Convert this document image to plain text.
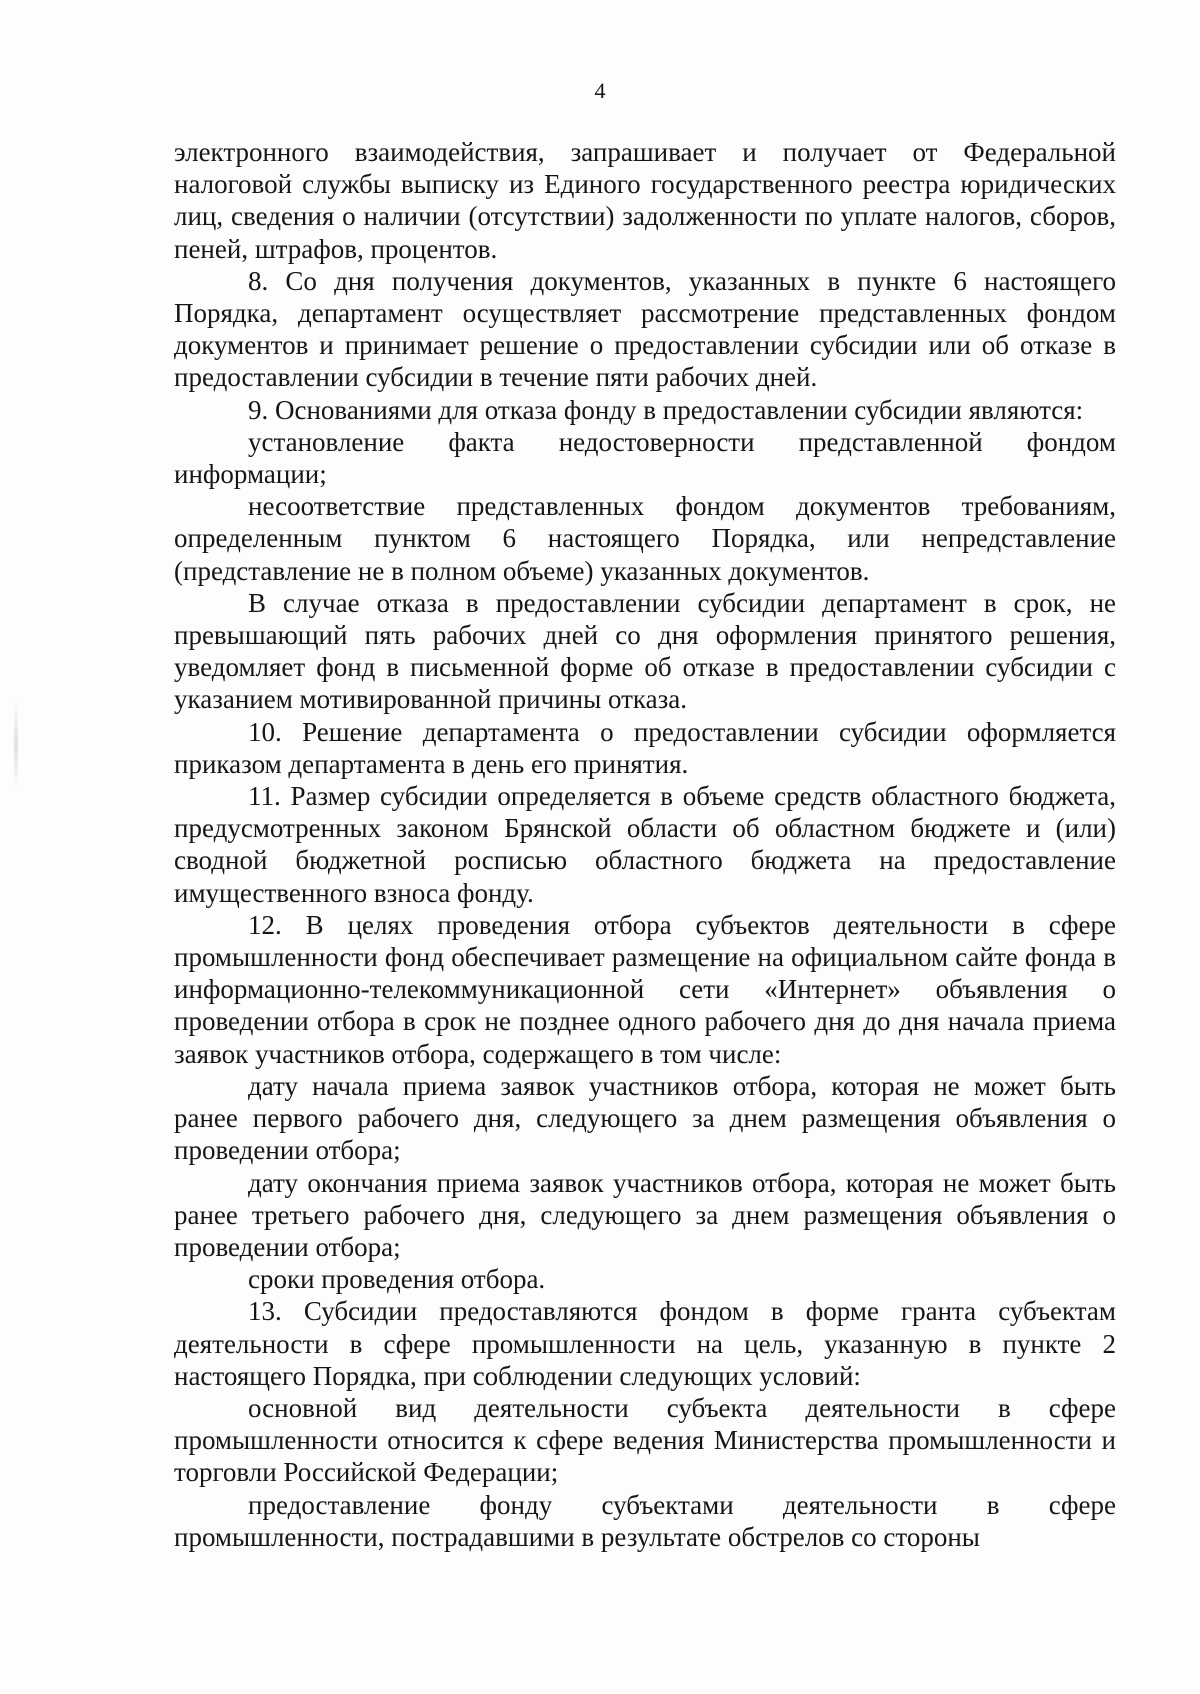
4

электронного взаимодействия, запрашивает и получает от Федеральной налоговой службы выписку из Единого государственного реестра юридических лиц, сведения о наличии (отсутствии) задолженности по уплате налогов, сборов, пеней, штрафов, процентов.

8. Со дня получения документов, указанных в пункте 6 настоящего Порядка, департамент осуществляет рассмотрение представленных фондом документов и принимает решение о предоставлении субсидии или об отказе в предоставлении субсидии в течение пяти рабочих дней.

9. Основаниями для отказа фонду в предоставлении субсидии являются:

установление факта недостоверности представленной фондом информации;

несоответствие представленных фондом документов требованиям, определенным пунктом 6 настоящего Порядка, или непредставление (представление не в полном объеме) указанных документов.

В случае отказа в предоставлении субсидии департамент в срок, не превышающий пять рабочих дней со дня оформления принятого решения, уведомляет фонд в письменной форме об отказе в предоставлении субсидии с указанием мотивированной причины отказа.

10. Решение департамента о предоставлении субсидии оформляется приказом департамента в день его принятия.

11. Размер субсидии определяется в объеме средств областного бюджета, предусмотренных законом Брянской области об областном бюджете и (или) сводной бюджетной росписью областного бюджета на предоставление имущественного взноса фонду.

12. В целях проведения отбора субъектов деятельности в сфере промышленности фонд обеспечивает размещение на официальном сайте фонда в информационно-телекоммуникационной сети «Интернет» объявления о проведении отбора в срок не позднее одного рабочего дня до дня начала приема заявок участников отбора, содержащего в том числе:

дату начала приема заявок участников отбора, которая не может быть ранее первого рабочего дня, следующего за днем размещения объявления о проведении отбора;

дату окончания приема заявок участников отбора, которая не может быть ранее третьего рабочего дня, следующего за днем размещения объявления о проведении отбора;

сроки проведения отбора.

13. Субсидии предоставляются фондом в форме гранта субъектам деятельности в сфере промышленности на цель, указанную в пункте 2 настоящего Порядка, при соблюдении следующих условий:

основной вид деятельности субъекта деятельности в сфере промышленности относится к сфере ведения Министерства промышленности и торговли Российской Федерации;

предоставление фонду субъектами деятельности в сфере промышленности, пострадавшими в результате обстрелов со стороны
